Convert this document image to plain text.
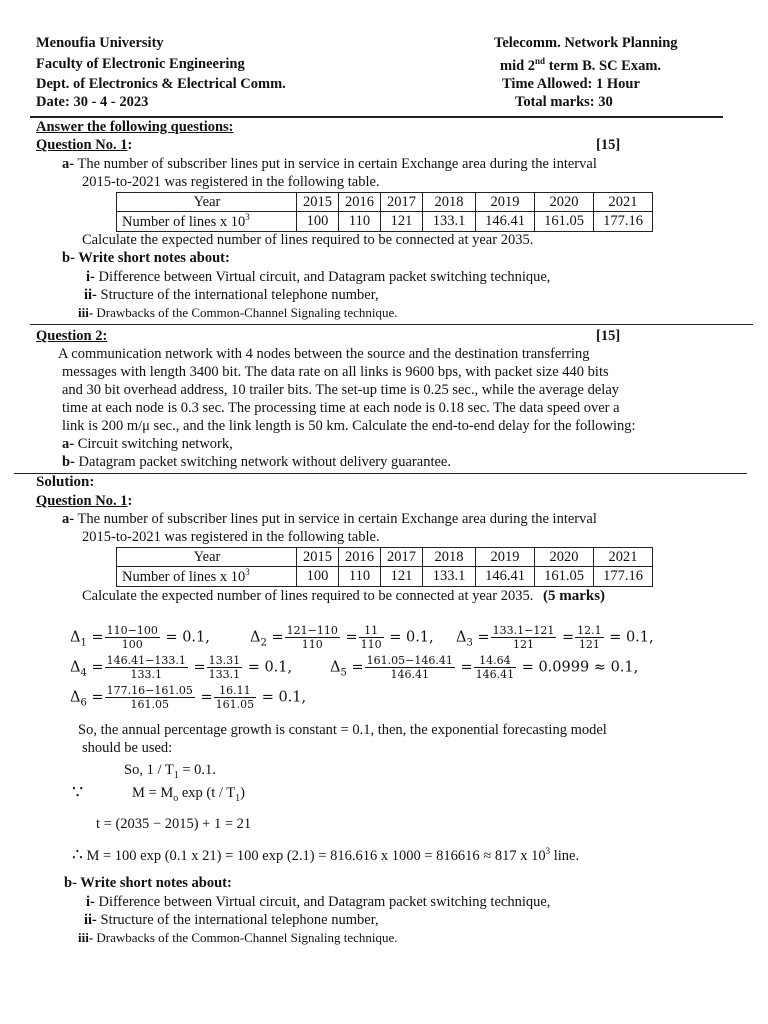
Menoufia University
Faculty of Electronic Engineering
Dept. of Electronics & Electrical Comm.
Date: 30 - 4 - 2023
Telecomm. Network Planning
mid 2nd term B. SC Exam.
Time Allowed: 1 Hour
Total marks: 30
Answer the following questions:
Question No. 1:	[15]
a- The number of subscriber lines put in service in certain Exchange area during the interval
2015-to-2021 was registered in the following table.
Year	2015	2016	2017	2018	2019	2020	2021
Number of lines x $10^3$	100	110	121	133.1	146.41	161.05	177.16
Calculate the expected number of lines required to be connected at year 2035.
b- Write short notes about:
i- Difference between Virtual circuit, and Datagram packet switching technique,
ii- Structure of the international telephone number,
iii- Drawbacks of the Common-Channel Signaling technique.
Question 2:	[15]
A communication network with 4 nodes between the source and the destination transferring
messages with length 3400 bit. The data rate on all links is 9600 bps, with packet size 440 bits
and 30 bit overhead address, 10 trailer bits. The set-up time is 0.25 sec., while the average delay
time at each node is 0.3 sec. The processing time at each node is 0.18 sec. The data speed over a
link is 200 m/μ sec., and the link length is 50 km. Calculate the end-to-end delay for the following:
a- Circuit switching network,
b- Datagram packet switching network without delivery guarantee.
Solution:
Question No. 1:
a- The number of subscriber lines put in service in certain Exchange area during the interval
2015-to-2021 was registered in the following table.
Year	2015	2016	2017	2018	2019	2020	2021
Number of lines x $10^3$	100	110	121	133.1	146.41	161.05	177.16
Calculate the expected number of lines required to be connected at year 2035. (5 marks)
$\Delta_1 = \frac{110-100}{100} = 0.1$,	$\Delta_2 = \frac{121-110}{110} = \frac{11}{110} = 0.1$, $\Delta_3 = \frac{133.1-121}{121} = \frac{12.1}{121} = 0.1$,
$\Delta_4 = \frac{146.41-133.1}{133.1} = \frac{13.31}{133.1} = 0.1$,	$\Delta_5 = \frac{161.05-146.41}{146.41} = \frac{14.64}{146.41} = 0.0999 \approx 0.1$,
$\Delta_6 = \frac{177.16-161.05}{161.05} = \frac{16.11}{161.05} = 0.1$,
So, the annual percentage growth is constant = 0.1, then, the exponential forecasting model
should be used:
So, $1 / T_1 = 0.1$.
∵	$M = M_o$ $\exp (t / T_1)$
t = (2035 − 2015) + 1 = 21
∴ M = 100 exp (0.1 x 21) = 100 exp (2.1) = 816.616 x 1000 = 816616 ≈ 817 x $10^3$ line.
b- Write short notes about:
i- Difference between Virtual circuit, and Datagram packet switching technique,
ii- Structure of the international telephone number,
iii- Drawbacks of the Common-Channel Signaling technique.
